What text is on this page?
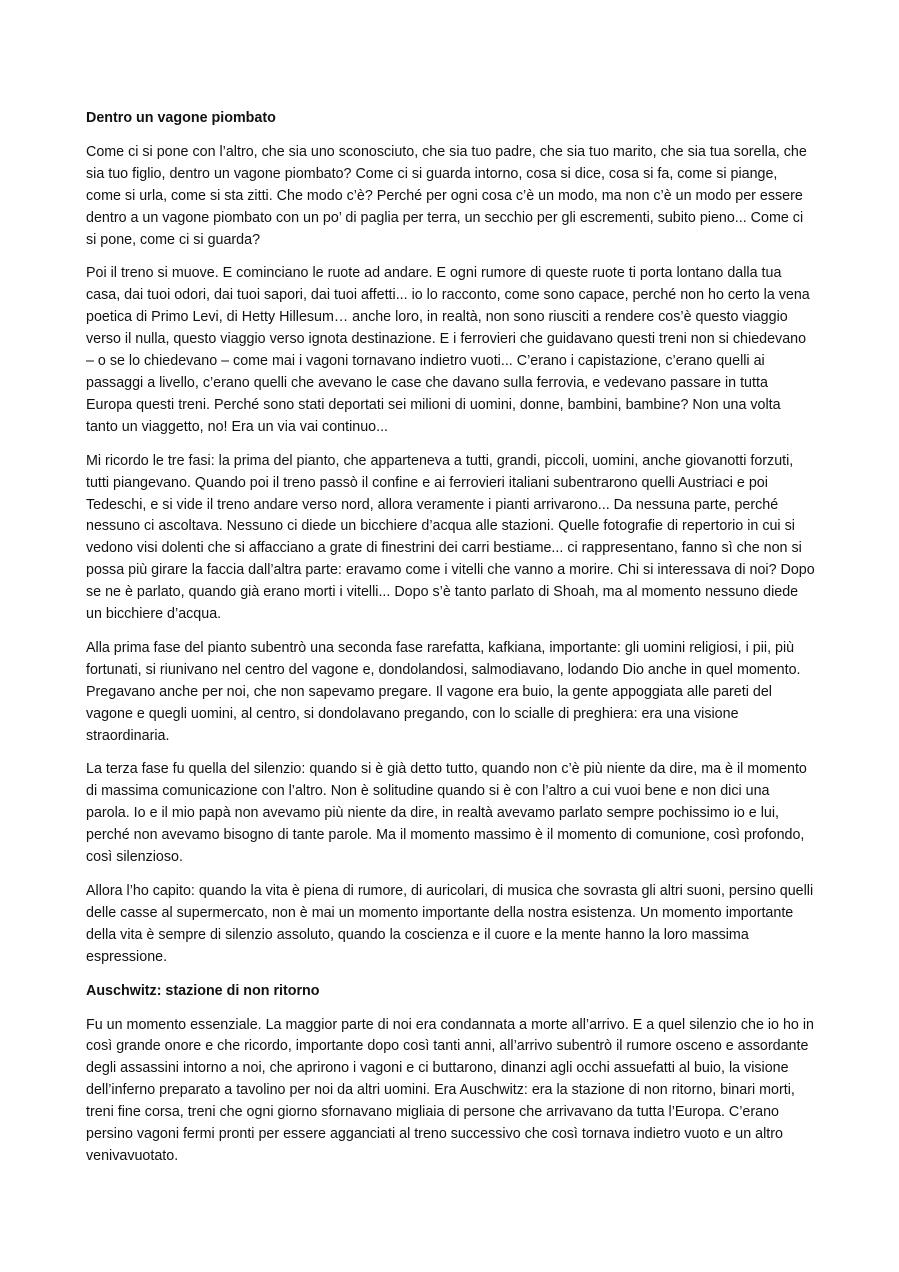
Dentro un vagone piombato

Come ci si pone con l’altro, che sia uno sconosciuto, che sia tuo padre, che sia tuo marito, che sia tua sorella, che sia tuo figlio, dentro un vagone piombato? Come ci si guarda intorno, cosa si dice, cosa si fa, come si piange, come si urla, come si sta zitti. Che modo c’è? Perché per ogni cosa c’è un modo, ma non c’è un modo per essere dentro a un vagone piombato con un po’ di paglia per terra, un secchio per gli escrementi, subito pieno... Come ci si pone, come ci si guarda?

Poi il treno si muove. E cominciano le ruote ad andare. E ogni rumore di queste ruote ti porta lontano dalla tua casa, dai tuoi odori, dai tuoi sapori, dai tuoi affetti... io lo racconto, come sono capace, perché non ho certo la vena poetica di Primo Levi, di Hetty Hillesum… anche loro, in realtà, non sono riusciti a rendere cos’è questo viaggio verso il nulla, questo viaggio verso ignota destinazione. E i ferrovieri che guidavano questi treni non si chiedevano – o se lo chiedevano – come mai i vagoni tornavano indietro vuoti... C’erano i capistazione, c’erano quelli ai passaggi a livello, c’erano quelli che avevano le case che davano sulla ferrovia, e vedevano passare in tutta Europa questi treni. Perché sono stati deportati sei milioni di uomini, donne, bambini, bambine? Non una volta tanto un viaggetto, no! Era un via vai continuo...

Mi ricordo le tre fasi: la prima del pianto, che apparteneva a tutti, grandi, piccoli, uomini, anche giovanotti forzuti, tutti piangevano. Quando poi il treno passò il confine e ai ferrovieri italiani subentrarono quelli Austriaci e poi Tedeschi, e si vide il treno andare verso nord, allora veramente i pianti arrivarono... Da nessuna parte, perché nessuno ci ascoltava. Nessuno ci diede un bicchiere d’acqua alle stazioni. Quelle fotografie di repertorio in cui si vedono visi dolenti che si affacciano a grate di finestrini dei carri bestiame... ci rappresentano, fanno sì che non si possa più girare la faccia dall’altra parte: eravamo come i vitelli che vanno a morire. Chi si interessava di noi? Dopo se ne è parlato, quando già erano morti i vitelli... Dopo s’è tanto parlato di Shoah, ma al momento nessuno diede un bicchiere d’acqua.

Alla prima fase del pianto subentrò una seconda fase rarefatta, kafkiana, importante: gli uomini religiosi, i pii, più fortunati, si riunivano nel centro del vagone e, dondolandosi, salmodiavano, lodando Dio anche in quel momento. Pregavano anche per noi, che non sapevamo pregare. Il vagone era buio, la gente appoggiata alle pareti del vagone e quegli uomini, al centro, si dondolavano pregando, con lo scialle di preghiera: era una visione straordinaria.

La terza fase fu quella del silenzio: quando si è già detto tutto, quando non c’è più niente da dire, ma è il momento di massima comunicazione con l’altro. Non è solitudine quando si è con l’altro a cui vuoi bene e non dici una parola. Io e il mio papà non avevamo più niente da dire, in realtà avevamo parlato sempre pochissimo io e lui, perché non avevamo bisogno di tante parole. Ma il momento massimo è il momento di comunione, così profondo, così silenzioso.

Allora l’ho capito: quando la vita è piena di rumore, di auricolari, di musica che sovrasta gli altri suoni, persino quelli delle casse al supermercato, non è mai un momento importante della nostra esistenza. Un momento importante della vita è sempre di silenzio assoluto, quando la coscienza e il cuore e la mente hanno la loro massima espressione.

Auschwitz: stazione di non ritorno

Fu un momento essenziale. La maggior parte di noi era condannata a morte all’arrivo. E a quel silenzio che io ho in così grande onore e che ricordo, importante dopo così tanti anni, all’arrivo subentrò il rumore osceno e assordante degli assassini intorno a noi, che aprirono i vagoni e ci buttarono, dinanzi agli occhi assuefatti al buio, la visione dell’inferno preparato a tavolino per noi da altri uomini. Era Auschwitz: era la stazione di non ritorno, binari morti, treni fine corsa, treni che ogni giorno sfornavano migliaia di persone che arrivavano da tutta l’Europa. C’erano persino vagoni fermi pronti per essere agganciati al treno successivo che così tornava indietro vuoto e un altro venivavuotato.
